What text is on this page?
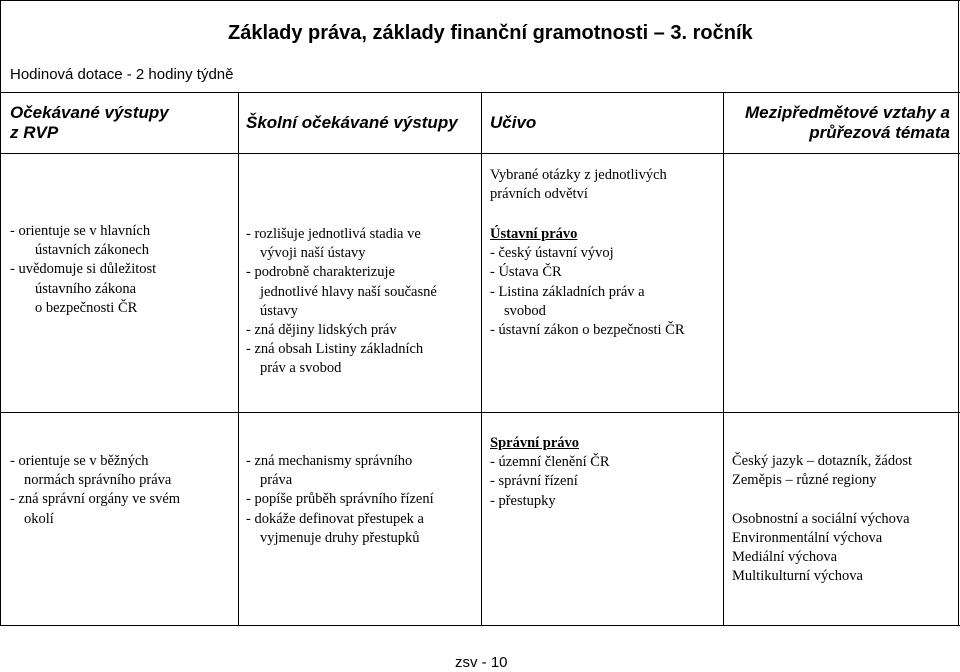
Základy práva, základy finanční gramotnosti – 3. ročník
Hodinová dotace - 2 hodiny týdně
Očekávané výstupy
z RVP
Školní očekávané výstupy Učivo
Mezipředmětové vztahy a
průřezová témata
- orientuje se v hlavních
ústavních zákonech
- uvědomuje si důležitost
ústavního zákona
o bezpečnosti ČR
- rozlišuje jednotlivá stadia ve
vývoji naší ústavy
- podrobně charakterizuje
jednotlivé hlavy naší současné
ústavy
- zná dějiny lidských práv
- zná obsah Listiny základních
práv a svobod
Vybrané otázky z jednotlivých
právních odvětví
Ústavní právo
- český ústavní vývoj
- Ústava ČR
- Listina základních práv a
svobod
- ústavní zákon o bezpečnosti ČR
- orientuje se v běžných
normách správního práva
- zná správní orgány ve svém
okolí
- zná mechanismy správního
práva
- popíše průběh správního řízení
- dokáže definovat přestupek a
vyjmenuje druhy přestupků
Správní právo
- územní členění ČR
- správní řízení
- přestupky
Český jazyk – dotazník, žádost
Zeměpis – různé regiony
Osobnostní a sociální výchova
Environmentální výchova
Mediální výchova
Multikulturní výchova
zsv - 10
